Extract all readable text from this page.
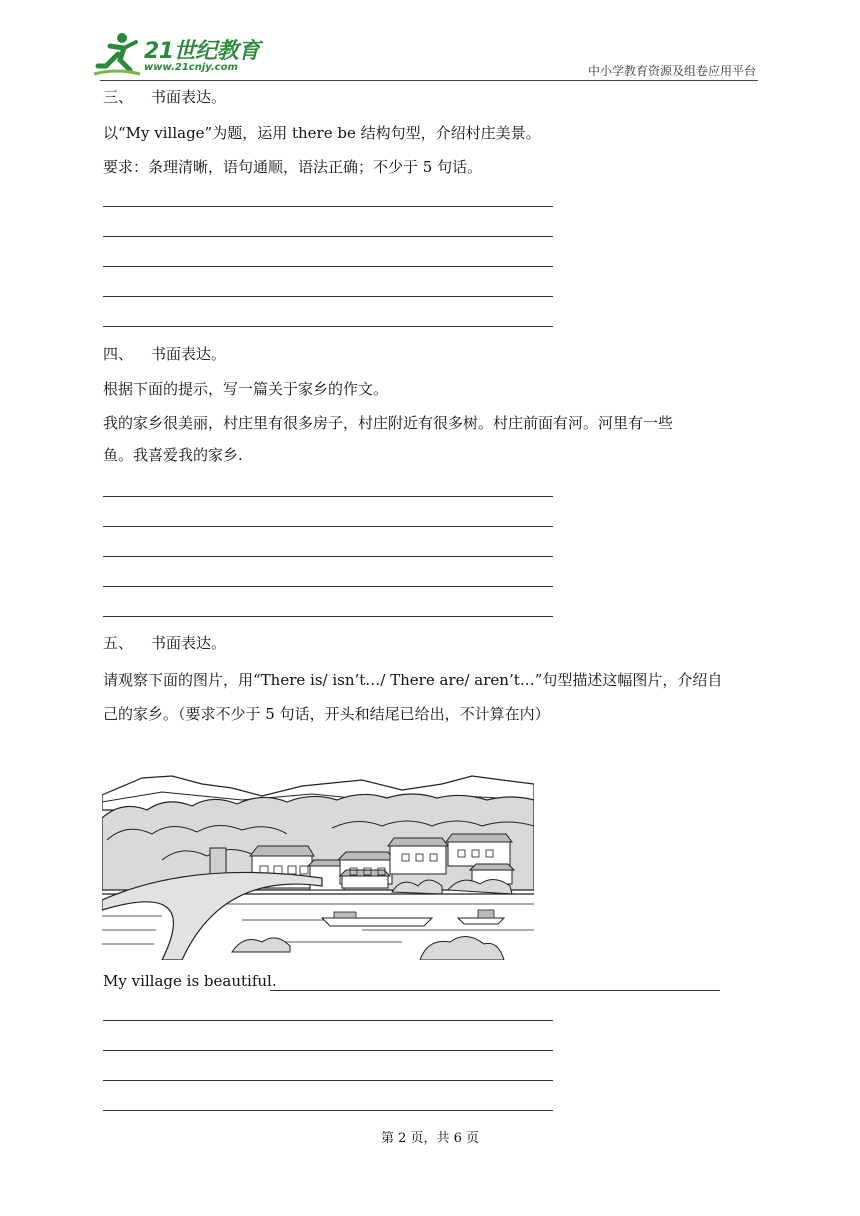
21世纪教育
www.21cnjy.com	中小学教育资源及组卷应用平台
三、 书面表达。
以“My village”为题，运用 there be 结构句型，介绍村庄美景。
要求：条理清晰，语句通顺，语法正确；不少于 5 句话。
四、 书面表达。
根据下面的提示，写一篇关于家乡的作文。
我的家乡很美丽，村庄里有很多房子，村庄附近有很多树。村庄前面有河。河里有一些
鱼。我喜爱我的家乡.
五、 书面表达。
请观察下面的图片，用“There is/ isn’t…/ There are/ aren’t…”句型描述这幅图片，介绍自
己的家乡。（要求不少于 5 句话，开头和结尾已给出，不计算在内）
My village is beautiful.
第 2 页，共 6 页
